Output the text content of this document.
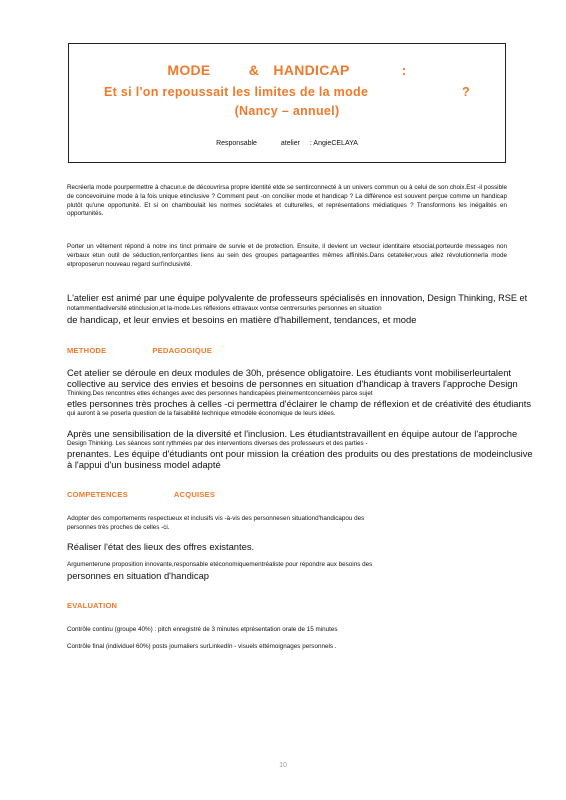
MODE	& HANDICAP	:
Et si l'on repoussait les limites de la mode	?
(Nancy – annuel)
Responsable	atelier : AngieCELAYA
Recréerla mode pourpermettre à chacun.e de découvrirsa propre identité etde se sentirconnecté à un univers commun ou à celui de son choix.Est -il possible de concevoiruine mode à la fois unique etinclusive ? Comment peut -on concilier mode et handicap ? La différence est souvent perçue comme un handicap plutôt qu'une opportunité. Et si on chamboulait les normes sociétales et culturelles, et représentations médiatiques ? Transformons les inégalités en opportunités.
Porter un vêtement répond à notre ins tinct primaire de survie et de protection. Ensuite, il devient un vecteur identitaire etsocial,porteurde messages non verbaux etun outil de séduction,renforçantles liens au sein des groupes partageantles mêmes affinités.Dans cetatelier,vous allez révolutionnerla mode etproposerun nouveau regard surl'inclusivité.
L'atelier est animé par une équipe polyvalente de professeurs spécialisés en innovation, Design Thinking, RSE et
notammentladiversité etinclusion,et la-mode.Les réflexions ettravaux vontse centrersurles personnes en situation
de handicap, et leur envies et besoins en matière d'habillement, tendances, et mode
METHODE	PEDAGOGIQUE
Cet atelier se déroule en deux modules de 30h, présence obligatoire. Les étudiants vont mobiliserleurtalent
collective au service des envies et besoins de personnes en situation d'handicap à travers l'approche Design
Thinking.Des rencontres etles échanges avec des personnes handicapées pleinementconcernées parce sujet
etles personnes très proches à celles -ci permettra d'éclairer le champ de réflexion et de créativité des étudiants
qui auront à se poserla question de la faisabilité technique etmodèle économique de leurs idées.
Après une sensibilisation de la diversité et l'inclusion. Les étudiantstravaillent en équipe autour de l'approche
Design Thinking. Les séances sont rythmées par des interventions diverses des professeurs et des parties -
prenantes. Les équipe d'étudiants ont pour mission la création des produits ou des prestations de modeinclusive
à l'appui d'un business model adapté
COMPETENCES	ACQUISES
Adopter des comportements respectueux et inclusifs vis -à-vis des personnesen situationd'handicapou des
personnes très proches de celles -ci.
Réaliser l'état des lieux des offres existantes.
Argumenterune proposition innovante,responsable etéconomiquementréaliste pour répondre aux besoins des
personnes en situation d'handicap
EVALUATION
Contrôle continu (groupe 40%) : pitch enregistré de 3 minutes etprésentation orale de 15 minutes
Contrôle final (individuel 60%) posts journaliers surLinkedIn - visuels ettémoignages personnels .
10
